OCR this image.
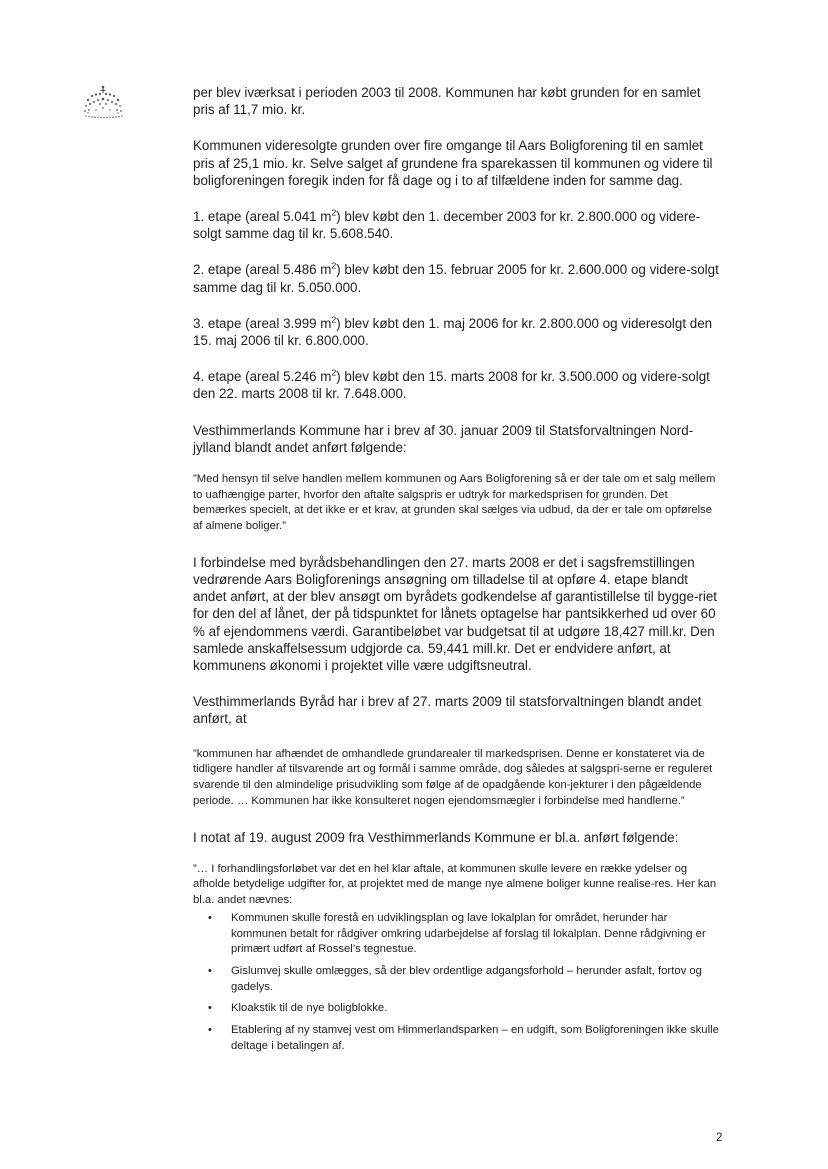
per blev iværksat i perioden 2003 til 2008. Kommunen har købt grunden for en samlet pris af 11,7 mio. kr.

Kommunen videresolgte grunden over fire omgange til Aars Boligforening til en samlet pris af 25,1 mio. kr. Selve salget af grundene fra sparekassen til kommunen og videre til boligforeningen foregik inden for få dage og i to af tilfældene inden for samme dag.

1. etape (areal 5.041 $m^2$) blev købt den 1. december 2003 for kr. 2.800.000 og videre-solgt samme dag til kr. 5.608.540.

2. etape (areal 5.486 $m^2$) blev købt den 15. februar 2005 for kr. 2.600.000 og videre-solgt samme dag til kr. 5.050.000.

3. etape (areal 3.999 $m^2$) blev købt den 1. maj 2006 for kr. 2.800.000 og videresolgt den 15. maj 2006 til kr. 6.800.000.

4. etape (areal 5.246 $m^2$) blev købt den 15. marts 2008 for kr. 3.500.000 og videre-solgt den 22. marts 2008 til kr. 7.648.000.

Vesthimmerlands Kommune har i brev af 30. januar 2009 til Statsforvaltningen Nord-jylland blandt andet anført følgende:

”Med hensyn til selve handlen mellem kommunen og Aars Boligforening så er der tale om et salg mellem to uafhængige parter, hvorfor den aftalte salgspris er udtryk for markedsprisen for grunden. Det bemærkes specielt, at det ikke er et krav, at grunden skal sælges via udbud, da der er tale om opførelse af almene boliger.”

I forbindelse med byrådsbehandlingen den 27. marts 2008 er det i sagsfremstillingen vedrørende Aars Boligforenings ansøgning om tilladelse til at opføre 4. etape blandt andet anført, at der blev ansøgt om byrådets godkendelse af garantistillelse til bygge-riet for den del af lånet, der på tidspunktet for lånets optagelse har pantsikkerhed ud over 60 % af ejendommens værdi. Garantibeløbet var budgetsat til at udgøre 18,427 mill.kr. Den samlede anskaffelsessum udgjorde ca. 59,441 mill.kr. Det er endvidere anført, at kommunens økonomi i projektet ville være udgiftsneutral.

Vesthimmerlands Byråd har i brev af 27. marts 2009 til statsforvaltningen blandt andet anført, at

”kommunen har afhændet de omhandlede grundarealer til markedsprisen. Denne er konstateret via de tidligere handler af tilsvarende art og formål i samme område, dog således at salgspri-serne er reguleret svarende til den almindelige prisudvikling som følge af de opadgående kon-jekturer i den pågældende periode. … Kommunen har ikke konsulteret nogen ejendomsmægler i forbindelse med handlerne.”

I notat af 19. august 2009 fra Vesthimmerlands Kommune er bl.a. anført følgende:

”… I forhandlingsforløbet var det en hel klar aftale, at kommunen skulle levere en række ydelser og afholde betydelige udgifter for, at projektet med de mange nye almene boliger kunne realise-res. Her kan bl.a. andet nævnes:

• Kommunen skulle forestå en udviklingsplan og lave lokalplan for området, herunder har kommunen betalt for rådgiver omkring udarbejdelse af forslag til lokalplan. Denne rådgivning er primært udført af Rossel’s tegnestue.
• Gislumvej skulle omlægges, så der blev ordentlige adgangsforhold – herunder asfalt, fortov og gadelys.
• Kloakstik til de nye boligblokke.
• Etablering af ny stamvej vest om Himmerlandsparken – en udgift, som Boligforeningen ikke skulle deltage i betalingen af.
2
